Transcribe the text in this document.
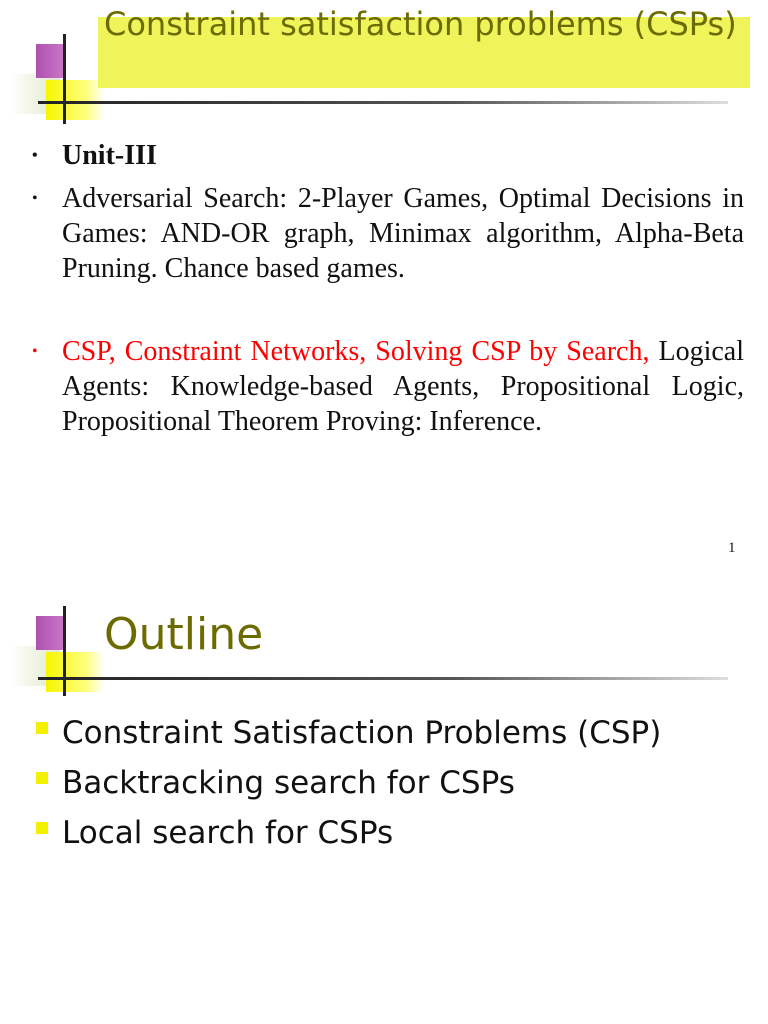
Constraint satisfaction problems (CSPs)

• Unit-III

• Adversarial Search: 2-Player Games, Optimal Decisions in Games: AND-OR graph, Minimax algorithm, Alpha-Beta Pruning. Chance based games.

• CSP, Constraint Networks, Solving CSP by Search, Logical Agents: Knowledge-based Agents, Propositional Logic, Propositional Theorem Proving: Inference.

1
Outline
Constraint Satisfaction Problems (CSP)
Backtracking search for CSPs
Local search for CSPs
